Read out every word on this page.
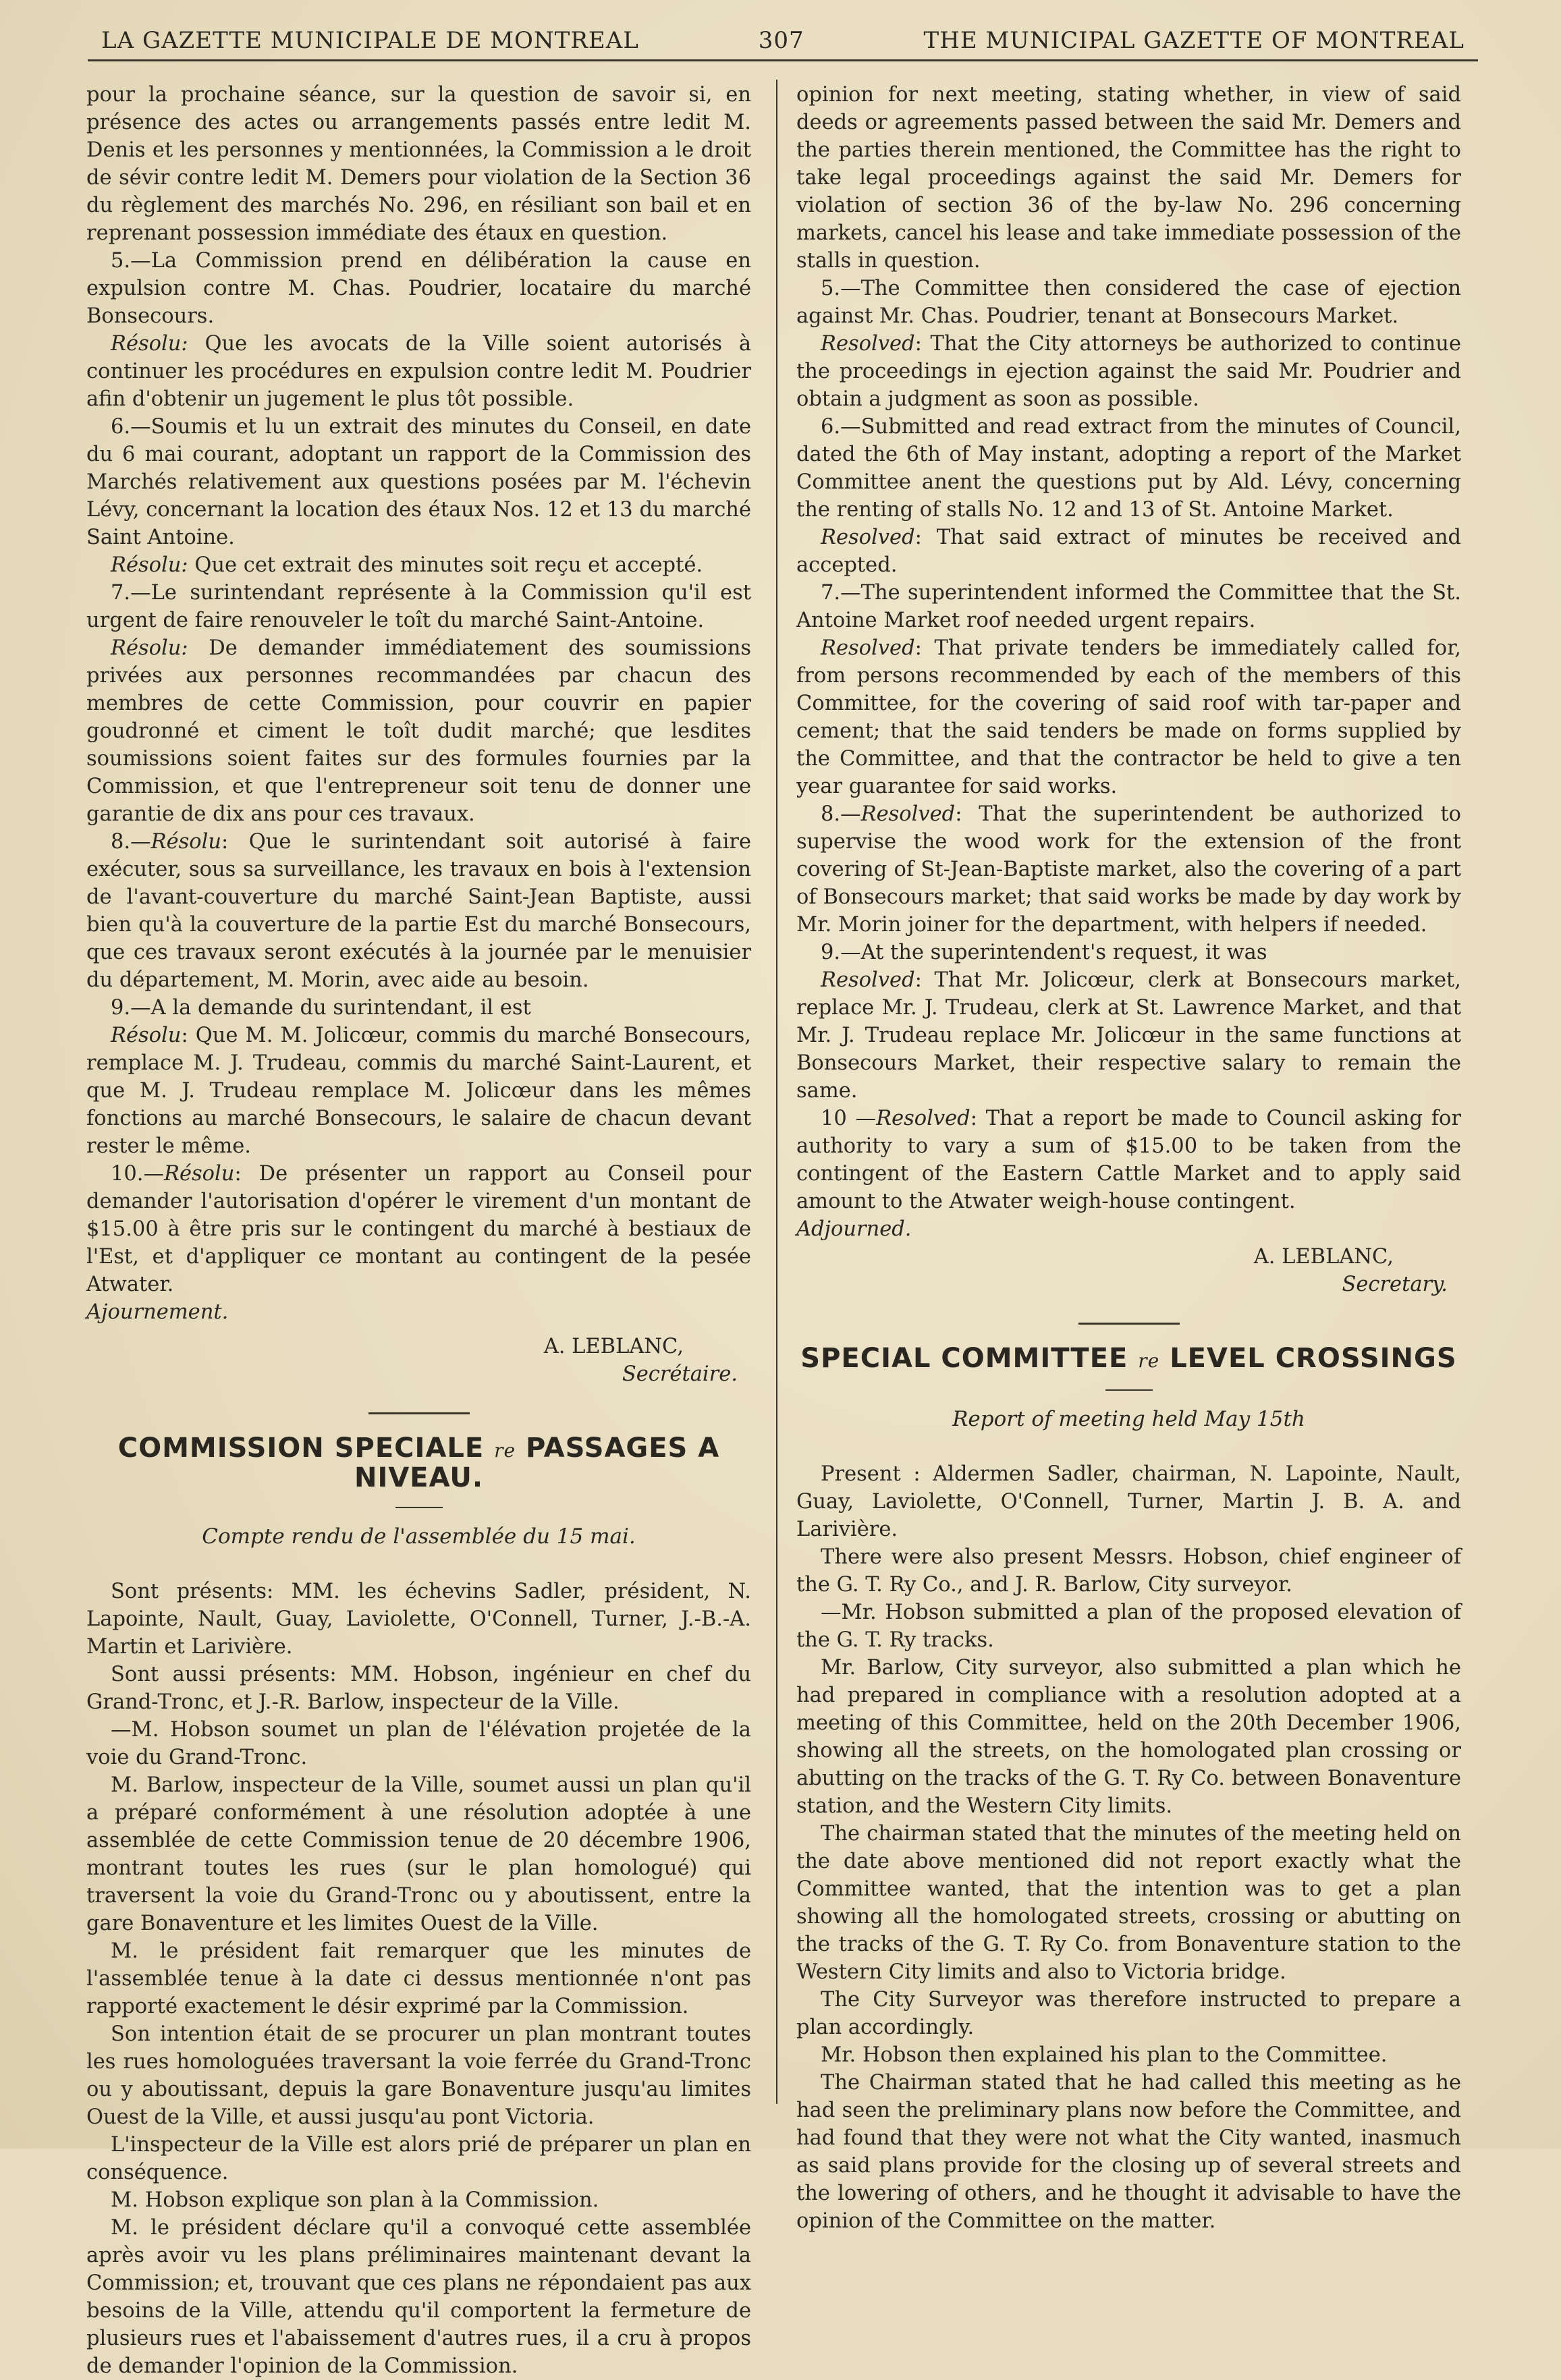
LA GAZETTE MUNICIPALE DE MONTREAL	307	THE MUNICIPAL GAZETTE OF MONTREAL

pour la prochaine séance, sur la question de savoir si, en présence des actes ou arrangements passés entre ledit M. Denis et les personnes y mentionnées, la Commission a le droit de sévir contre ledit M. Demers pour violation de la Section 36 du règlement des marchés No. 296, en résiliant son bail et en reprenant possession immédiate des étaux en question.

5.—La Commission prend en délibération la cause en expulsion contre M. Chas. Poudrier, locataire du marché Bonsecours.

Résolu: Que les avocats de la Ville soient autorisés à continuer les procédures en expulsion contre ledit M. Poudrier afin d'obtenir un jugement le plus tôt possible.

6.—Soumis et lu un extrait des minutes du Conseil, en date du 6 mai courant, adoptant un rapport de la Commission des Marchés relativement aux questions posées par M. l'échevin Lévy, concernant la location des étaux Nos. 12 et 13 du marché Saint Antoine.

Résolu: Que cet extrait des minutes soit reçu et accepté.

7.—Le surintendant représente à la Commission qu'il est urgent de faire renouveler le toît du marché Saint-Antoine.

Résolu: De demander immédiatement des soumissions privées aux personnes recommandées par chacun des membres de cette Commission, pour couvrir en papier goudronné et ciment le toît dudit marché; que lesdites soumissions soient faites sur des formules fournies par la Commission, et que l'entrepreneur soit tenu de donner une garantie de dix ans pour ces travaux.

8.—Résolu: Que le surintendant soit autorisé à faire exécuter, sous sa surveillance, les travaux en bois à l'extension de l'avant-couverture du marché Saint-Jean Baptiste, aussi bien qu'à la couverture de la partie Est du marché Bonsecours, que ces travaux seront exécutés à la journée par le menuisier du département, M. Morin, avec aide au besoin.

9.—A la demande du surintendant, il est

Résolu: Que M. M. Jolicœur, commis du marché Bonsecours, remplace M. J. Trudeau, commis du marché Saint-Laurent, et que M. J. Trudeau remplace M. Jolicœur dans les mêmes fonctions au marché Bonsecours, le salaire de chacun devant rester le même.

10.—Résolu: De présenter un rapport au Conseil pour demander l'autorisation d'opérer le virement d'un montant de $15.00 à être pris sur le contingent du marché à bestiaux de l'Est, et d'appliquer ce montant au contingent de la pesée Atwater.

Ajournement.

A. LEBLANC,

Secrétaire.

COMMISSION SPECIALE re PASSAGES A NIVEAU.

Compte rendu de l'assemblée du 15 mai.

Sont présents: MM. les échevins Sadler, président, N. Lapointe, Nault, Guay, Laviolette, O'Connell, Turner, J.-B.-A. Martin et Larivière.

Sont aussi présents: MM. Hobson, ingénieur en chef du Grand-Tronc, et J.-R. Barlow, inspecteur de la Ville.

—M. Hobson soumet un plan de l'élévation projetée de la voie du Grand-Tronc.

M. Barlow, inspecteur de la Ville, soumet aussi un plan qu'il a préparé conformément à une résolution adoptée à une assemblée de cette Commission tenue de 20 décembre 1906, montrant toutes les rues (sur le plan homologué) qui traversent la voie du Grand-Tronc ou y aboutissent, entre la gare Bonaventure et les limites Ouest de la Ville.

M. le président fait remarquer que les minutes de l'assemblée tenue à la date ci dessus mentionnée n'ont pas rapporté exactement le désir exprimé par la Commission.

Son intention était de se procurer un plan montrant toutes les rues homologuées traversant la voie ferrée du Grand-Tronc ou y aboutissant, depuis la gare Bonaventure jusqu'au limites Ouest de la Ville, et aussi jusqu'au pont Victoria.

L'inspecteur de la Ville est alors prié de préparer un plan en conséquence.

M. Hobson explique son plan à la Commission.

M. le président déclare qu'il a convoqué cette assemblée après avoir vu les plans préliminaires maintenant devant la Commission; et, trouvant que ces plans ne répondaient pas aux besoins de la Ville, attendu qu'il comportent la fermeture de plusieurs rues et l'abaissement d'autres rues, il a cru à propos de demander l'opinion de la Commission.

opinion for next meeting, stating whether, in view of said deeds or agreements passed between the said Mr. Demers and the parties therein mentioned, the Committee has the right to take legal proceedings against the said Mr. Demers for violation of section 36 of the by-law No. 296 concerning markets, cancel his lease and take immediate possession of the stalls in question.

5.—The Committee then considered the case of ejection against Mr. Chas. Poudrier, tenant at Bonsecours Market.

Resolved: That the City attorneys be authorized to continue the proceedings in ejection against the said Mr. Poudrier and obtain a judgment as soon as possible.

6.—Submitted and read extract from the minutes of Council, dated the 6th of May instant, adopting a report of the Market Committee anent the questions put by Ald. Lévy, concerning the renting of stalls No. 12 and 13 of St. Antoine Market.

Resolved: That said extract of minutes be received and accepted.

7.—The superintendent informed the Committee that the St. Antoine Market roof needed urgent repairs.

Resolved: That private tenders be immediately called for, from persons recommended by each of the members of this Committee, for the covering of said roof with tar-paper and cement; that the said tenders be made on forms supplied by the Committee, and that the contractor be held to give a ten year guarantee for said works.

8.—Resolved: That the superintendent be authorized to supervise the wood work for the extension of the front covering of St-Jean-Baptiste market, also the covering of a part of Bonsecours market; that said works be made by day work by Mr. Morin joiner for the department, with helpers if needed.

9.—At the superintendent's request, it was

Resolved: That Mr. Jolicœur, clerk at Bonsecours market, replace Mr. J. Trudeau, clerk at St. Lawrence Market, and that Mr. J. Trudeau replace Mr. Jolicœur in the same functions at Bonsecours Market, their respective salary to remain the same.

10 —Resolved: That a report be made to Council asking for authority to vary a sum of $15.00 to be taken from the contingent of the Eastern Cattle Market and to apply said amount to the Atwater weigh-house contingent.

Adjourned.

A. LEBLANC,

Secretary.

SPECIAL COMMITTEE re LEVEL CROSSINGS

Report of meeting held May 15th

Present : Aldermen Sadler, chairman, N. Lapointe, Nault, Guay, Laviolette, O'Connell, Turner, Martin J. B. A. and Larivière.

There were also present Messrs. Hobson, chief engineer of the G. T. Ry Co., and J. R. Barlow, City surveyor.

—Mr. Hobson submitted a plan of the proposed elevation of the G. T. Ry tracks.

Mr. Barlow, City surveyor, also submitted a plan which he had prepared in compliance with a resolution adopted at a meeting of this Committee, held on the 20th December 1906, showing all the streets, on the homologated plan crossing or abutting on the tracks of the G. T. Ry Co. between Bonaventure station, and the Western City limits.

The chairman stated that the minutes of the meeting held on the date above mentioned did not report exactly what the Committee wanted, that the intention was to get a plan showing all the homologated streets, crossing or abutting on the tracks of the G. T. Ry Co. from Bonaventure station to the Western City limits and also to Victoria bridge.

The City Surveyor was therefore instructed to prepare a plan accordingly.

Mr. Hobson then explained his plan to the Committee.

The Chairman stated that he had called this meeting as he had seen the preliminary plans now before the Committee, and had found that they were not what the City wanted, inasmuch as said plans provide for the closing up of several streets and the lowering of others, and he thought it advisable to have the opinion of the Committee on the matter.
